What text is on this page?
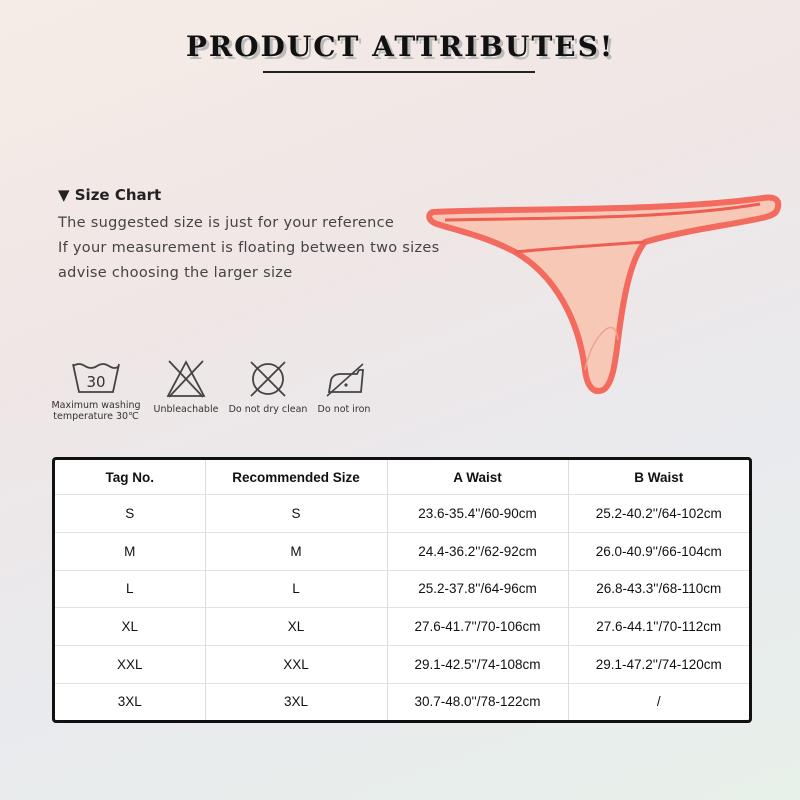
PRODUCT ATTRIBUTES!
▼ Size Chart
The suggested size is just for your reference
If your measurement is floating between two sizes
advise choosing the larger size
30
Maximum washing
temperature 30℃
Unbleachable	Do not dry clean	Do not iron
Tag No.	Recommended Size	A Waist	B Waist
S	S	23.6-35.4''/60-90cm	25.2-40.2''/64-102cm
M	M	24.4-36.2''/62-92cm	26.0-40.9''/66-104cm
L	L	25.2-37.8''/64-96cm	26.8-43.3''/68-110cm
XL	XL	27.6-41.7''/70-106cm	27.6-44.1''/70-112cm
XXL	XXL	29.1-42.5''/74-108cm	29.1-47.2''/74-120cm
3XL	3XL	30.7-48.0''/78-122cm	/
